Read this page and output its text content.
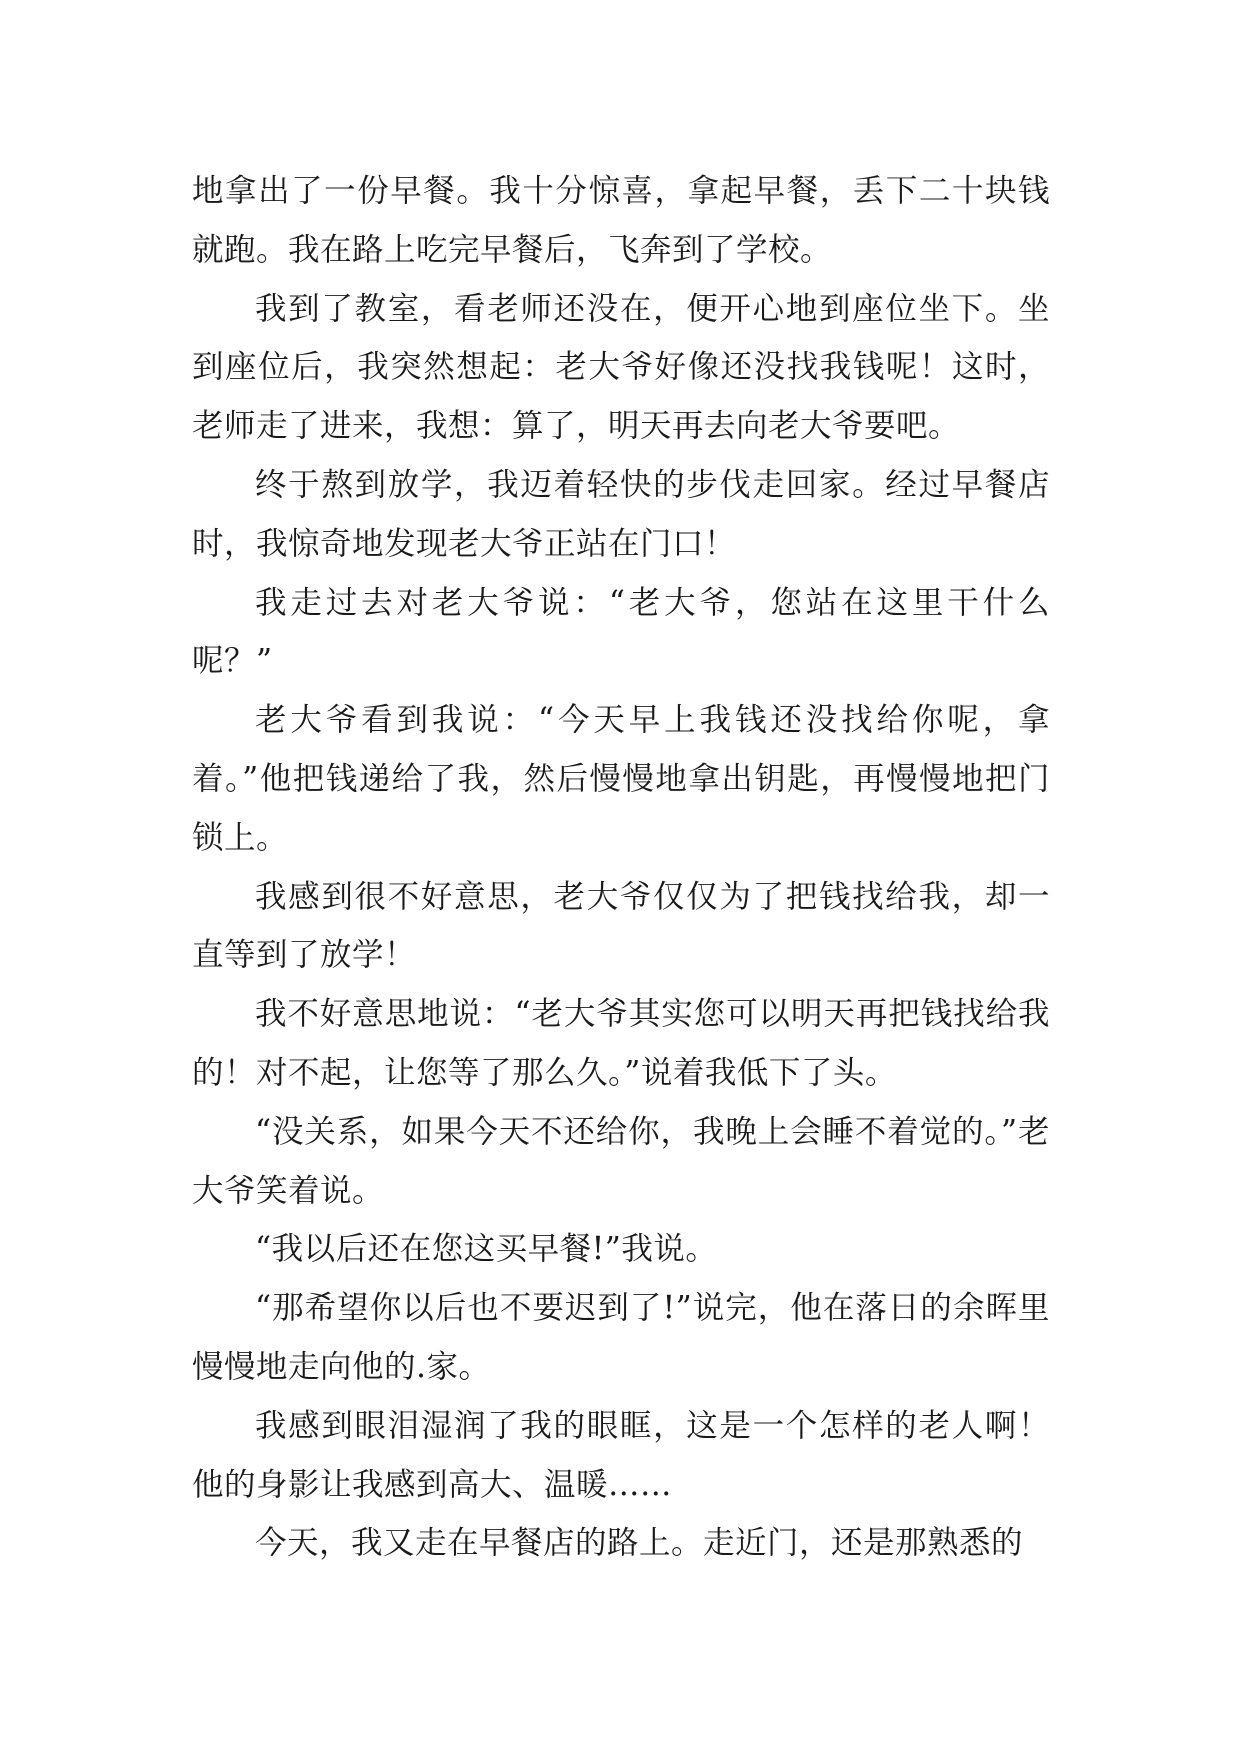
地拿出了一份早餐。我十分惊喜，拿起早餐，丢下二十块钱就跑。我在路上吃完早餐后，飞奔到了学校。

我到了教室，看老师还没在，便开心地到座位坐下。坐到座位后，我突然想起：老大爷好像还没找我钱呢！这时，老师走了进来，我想：算了，明天再去向老大爷要吧。

终于熬到放学，我迈着轻快的步伐走回家。经过早餐店时，我惊奇地发现老大爷正站在门口！

我走过去对老大爷说：“老大爷，您站在这里干什么呢？”

老大爷看到我说：“今天早上我钱还没找给你呢，拿着。”他把钱递给了我，然后慢慢地拿出钥匙，再慢慢地把门锁上。

我感到很不好意思，老大爷仅仅为了把钱找给我，却一直等到了放学！

我不好意思地说：“老大爷其实您可以明天再把钱找给我的！对不起，让您等了那么久。”说着我低下了头。

“没关系，如果今天不还给你，我晚上会睡不着觉的。”老大爷笑着说。

“我以后还在您这买早餐!”我说。

“那希望你以后也不要迟到了!”说完，他在落日的余晖里慢慢地走向他的.家。

我感到眼泪湿润了我的眼眶，这是一个怎样的老人啊！他的身影让我感到高大、温暖……

今天，我又走在早餐店的路上。走近门，还是那熟悉的
